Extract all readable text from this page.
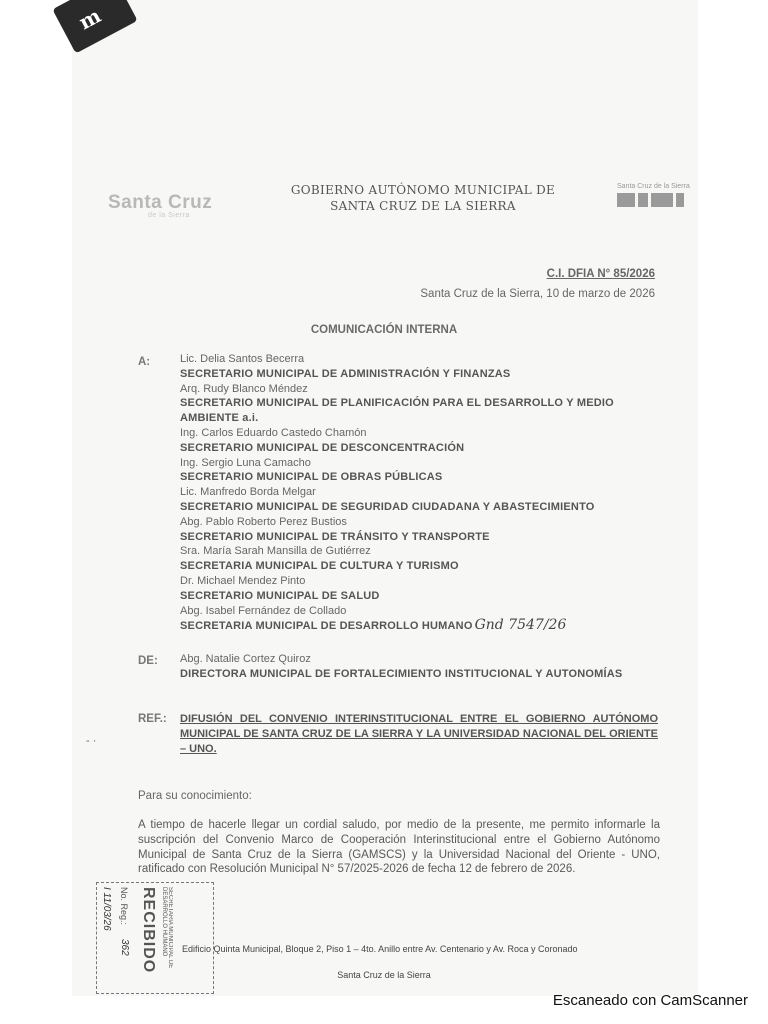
m
Santa Cruz
de la Sierra
GOBIERNO AUTÓNOMO MUNICIPAL DE
SANTA CRUZ DE LA SIERRA
Santa Cruz de la Sierra
C.I. DFIA N° 85/2026
Santa Cruz de la Sierra, 10 de marzo de 2026
COMUNICACIÓN INTERNA
A:	Lic. Delia Santos Becerra
SECRETARIO MUNICIPAL DE ADMINISTRACIÓN Y FINANZAS
Arq. Rudy Blanco Méndez
SECRETARIO MUNICIPAL DE PLANIFICACIÓN PARA EL DESARROLLO Y MEDIO AMBIENTE a.i.
Ing. Carlos Eduardo Castedo Chamón
SECRETARIO MUNICIPAL DE DESCONCENTRACIÓN
Ing. Sergio Luna Camacho
SECRETARIO MUNICIPAL DE OBRAS PÚBLICAS
Lic. Manfredo Borda Melgar
SECRETARIO MUNICIPAL DE SEGURIDAD CIUDADANA Y ABASTECIMIENTO
Abg. Pablo Roberto Perez Bustios
SECRETARIO MUNICIPAL DE TRÁNSITO Y TRANSPORTE
Sra. María Sarah Mansilla de Gutiérrez
SECRETARIA MUNICIPAL DE CULTURA Y TURISMO
Dr. Michael Mendez Pinto
SECRETARIO MUNICIPAL DE SALUD
Abg. Isabel Fernández de Collado
SECRETARIA MUNICIPAL DE DESARROLLO HUMANO Gnd 7547/26
DE: Abg. Natalie Cortez Quiroz
DIRECTORA MUNICIPAL DE FORTALECIMIENTO INSTITUCIONAL Y AUTONOMÍAS
REF.: DIFUSIÓN DEL CONVENIO INTERINSTITUCIONAL ENTRE EL GOBIERNO AUTÓNOMO MUNICIPAL DE SANTA CRUZ DE LA SIERRA Y LA UNIVERSIDAD NACIONAL DEL ORIENTE – UNO.
- ·
Para su conocimiento:
A tiempo de hacerle llegar un cordial saludo, por medio de la presente, me permito informarle la suscripción del Convenio Marco de Cooperación Interinstitucional entre el Gobierno Autónomo Municipal de Santa Cruz de la Sierra (GAMSCS) y la Universidad Nacional del Oriente - UNO, ratificado con Resolución Municipal N° 57/2025-2026 de fecha 12 de febrero de 2026.
I 11/03/26 No. Reg.:
362 RECIBIDO	SECRETARIA MUNICIPAL DE DESARROLLO HUMANO	Edificio Quinta Municipal, Bloque 2, Piso 1 – 4to. Anillo entre Av. Centenario y Av. Roca y Coronado
Santa Cruz de la Sierra
Escaneado con CamScanner
